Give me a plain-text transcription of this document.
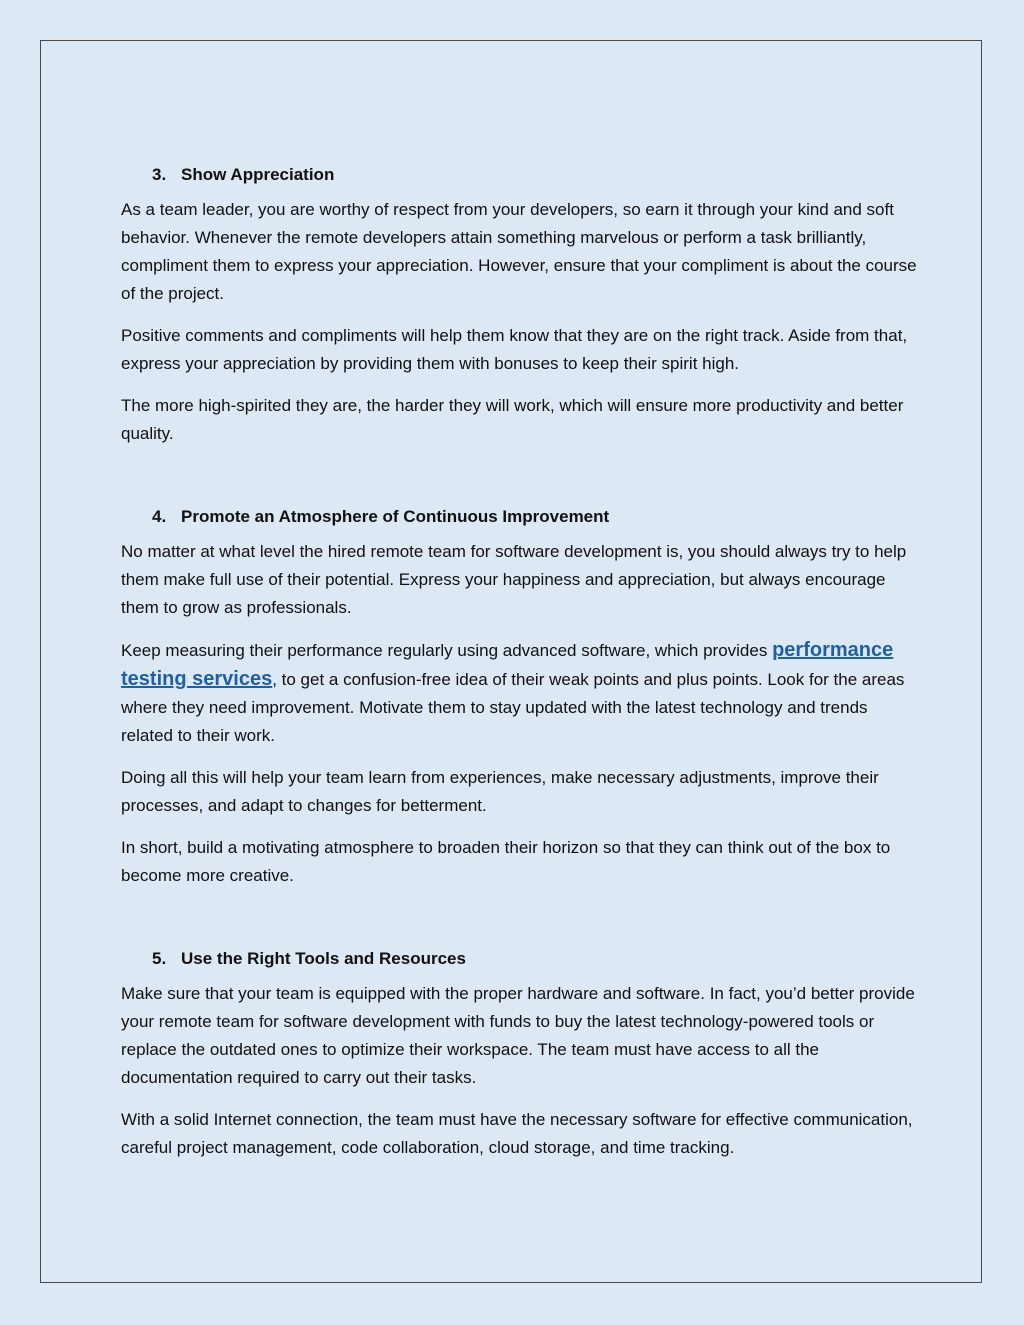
3. Show Appreciation

As a team leader, you are worthy of respect from your developers, so earn it through your kind and soft behavior. Whenever the remote developers attain something marvelous or perform a task brilliantly, compliment them to express your appreciation. However, ensure that your compliment is about the course of the project.

Positive comments and compliments will help them know that they are on the right track. Aside from that, express your appreciation by providing them with bonuses to keep their spirit high.

The more high-spirited they are, the harder they will work, which will ensure more productivity and better quality.

4. Promote an Atmosphere of Continuous Improvement

No matter at what level the hired remote team for software development is, you should always try to help them make full use of their potential. Express your happiness and appreciation, but always encourage them to grow as professionals.

Keep measuring their performance regularly using advanced software, which provides performance testing services, to get a confusion-free idea of their weak points and plus points. Look for the areas where they need improvement. Motivate them to stay updated with the latest technology and trends related to their work.

Doing all this will help your team learn from experiences, make necessary adjustments, improve their processes, and adapt to changes for betterment.

In short, build a motivating atmosphere to broaden their horizon so that they can think out of the box to become more creative.

5. Use the Right Tools and Resources

Make sure that your team is equipped with the proper hardware and software. In fact, you’d better provide your remote team for software development with funds to buy the latest technology-powered tools or replace the outdated ones to optimize their workspace. The team must have access to all the documentation required to carry out their tasks.

With a solid Internet connection, the team must have the necessary software for effective communication, careful project management, code collaboration, cloud storage, and time tracking.
